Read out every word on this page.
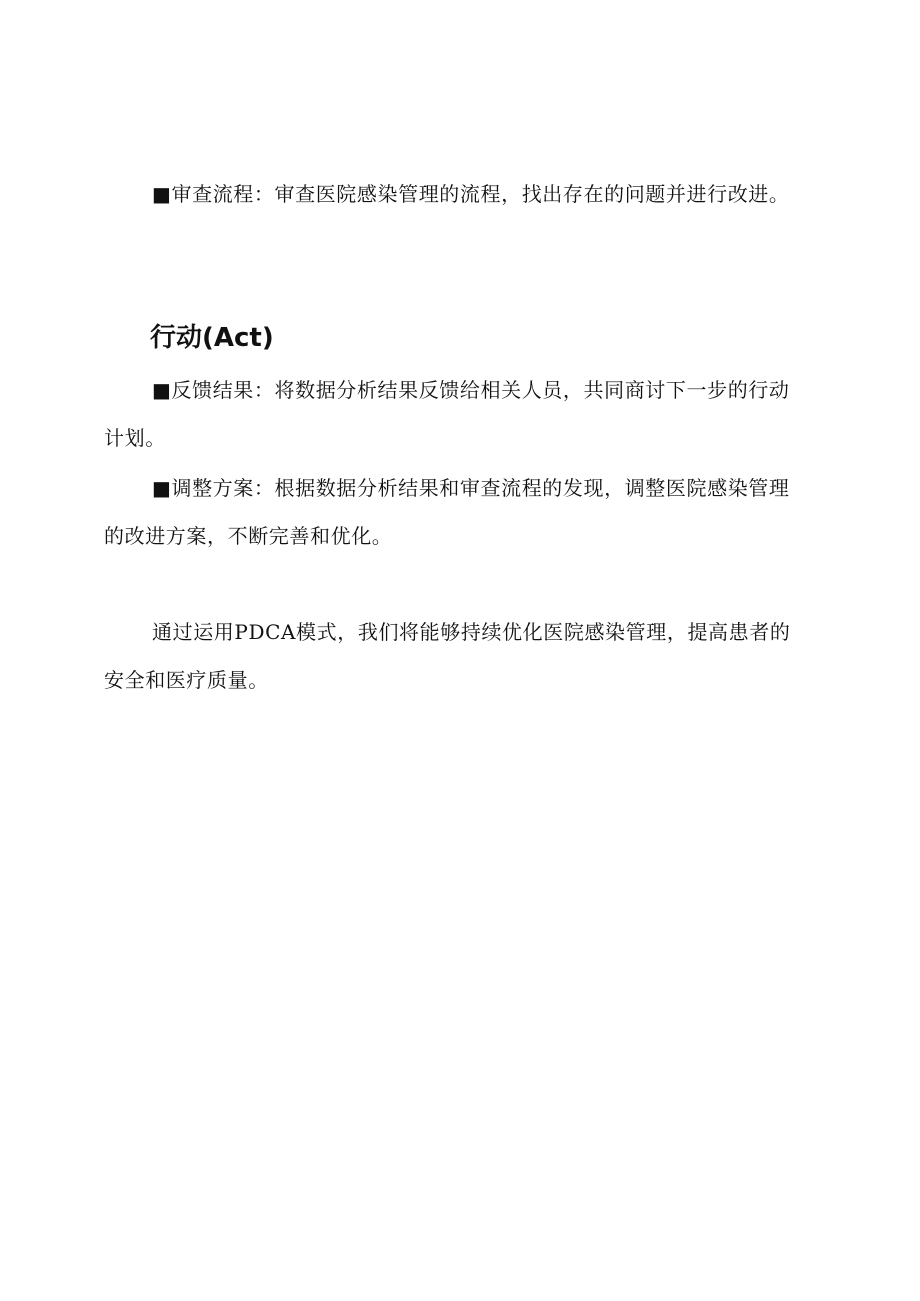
■审查流程：审查医院感染管理的流程，找出存在的问题并进行改进。

行动(Act)

■反馈结果：将数据分析结果反馈给相关人员，共同商讨下一步的行动计划。

■调整方案：根据数据分析结果和审查流程的发现，调整医院感染管理的改进方案，不断完善和优化。

通过运用PDCA模式，我们将能够持续优化医院感染管理，提高患者的安全和医疗质量。
